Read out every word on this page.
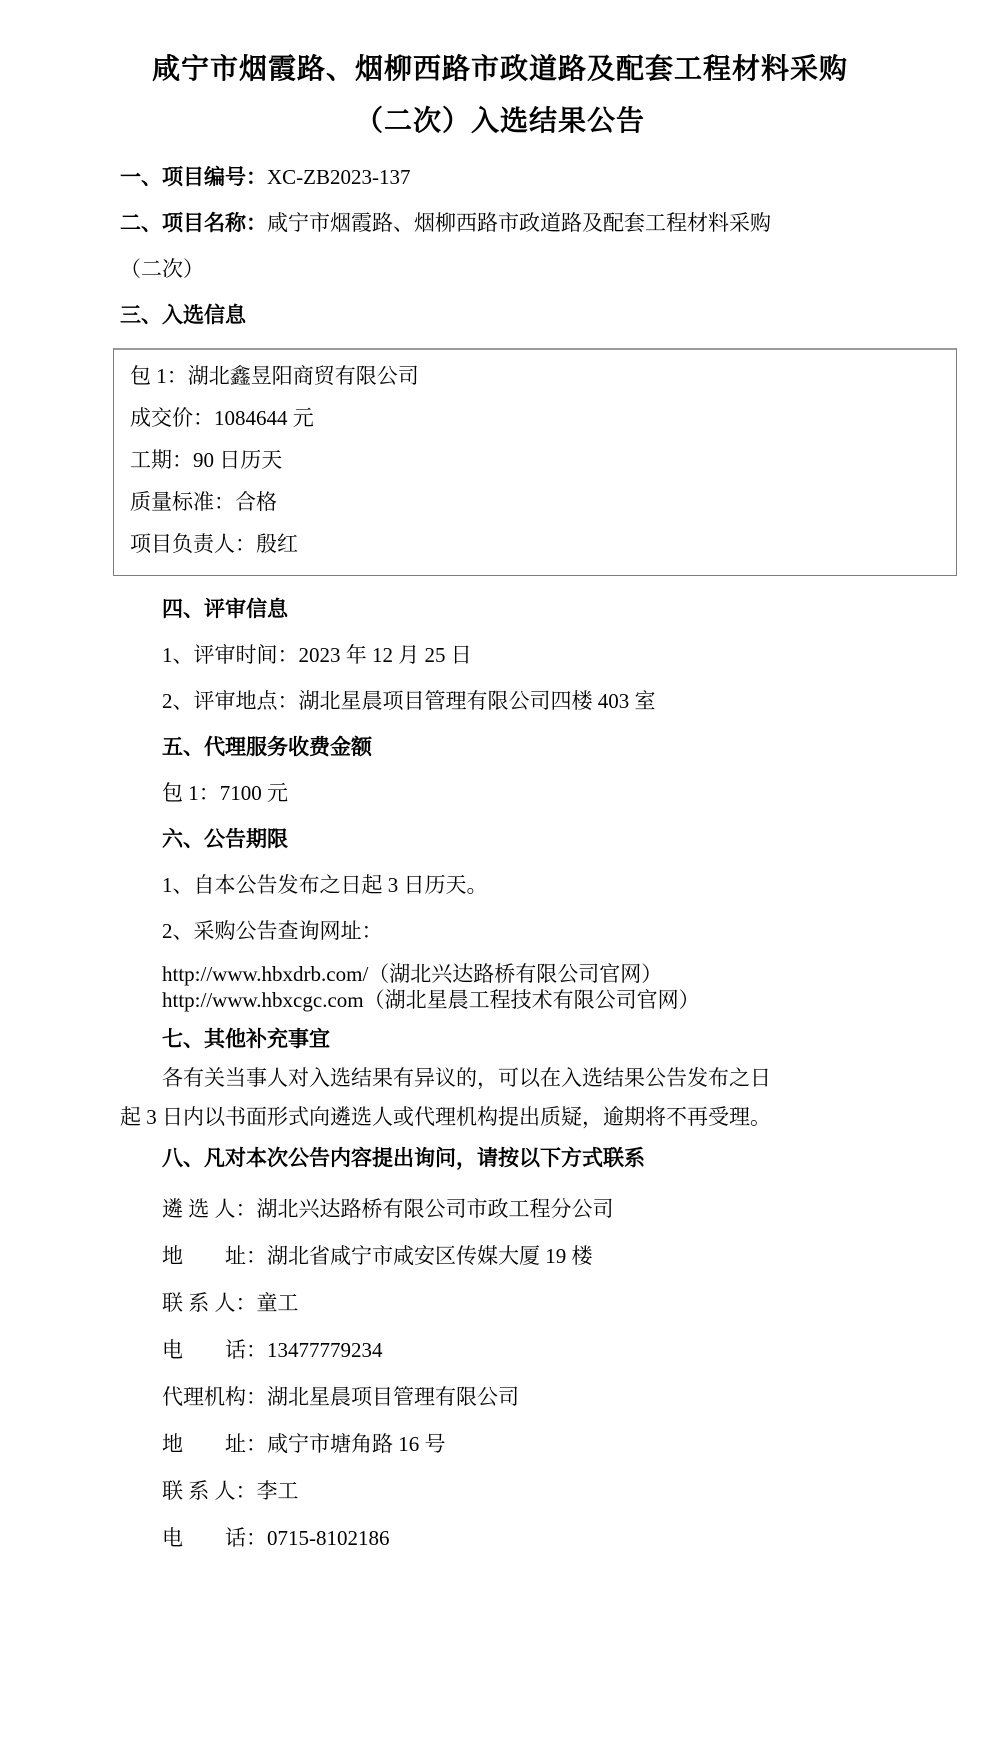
咸宁市烟霞路、烟柳西路市政道路及配套工程材料采购
（二次）入选结果公告
一、项目编号：XC-ZB2023-137
二、项目名称：咸宁市烟霞路、烟柳西路市政道路及配套工程材料采购
（二次）
三、入选信息
包 1：湖北鑫昱阳商贸有限公司
成交价：1084644 元
工期：90 日历天
质量标准：合格
项目负责人：殷红
四、评审信息
1、评审时间：2023 年 12 月 25 日
2、评审地点：湖北星晨项目管理有限公司四楼 403 室
五、代理服务收费金额
包 1：7100 元
六、公告期限
1、自本公告发布之日起 3 日历天。
2、采购公告查询网址：
http://www.hbxdrb.com/（湖北兴达路桥有限公司官网）
http://www.hbxcgc.com（湖北星晨工程技术有限公司官网）
七、其他补充事宜
各有关当事人对入选结果有异议的，可以在入选结果公告发布之日
起 3 日内以书面形式向遴选人或代理机构提出质疑，逾期将不再受理。
八、凡对本次公告内容提出询问，请按以下方式联系
遴 选 人：湖北兴达路桥有限公司市政工程分公司
地　　址：湖北省咸宁市咸安区传媒大厦 19 楼
联 系 人：童工
电　　话：13477779234
代理机构：湖北星晨项目管理有限公司
地　　址：咸宁市塘角路 16 号
联 系 人：李工
电　　话：0715-8102186
